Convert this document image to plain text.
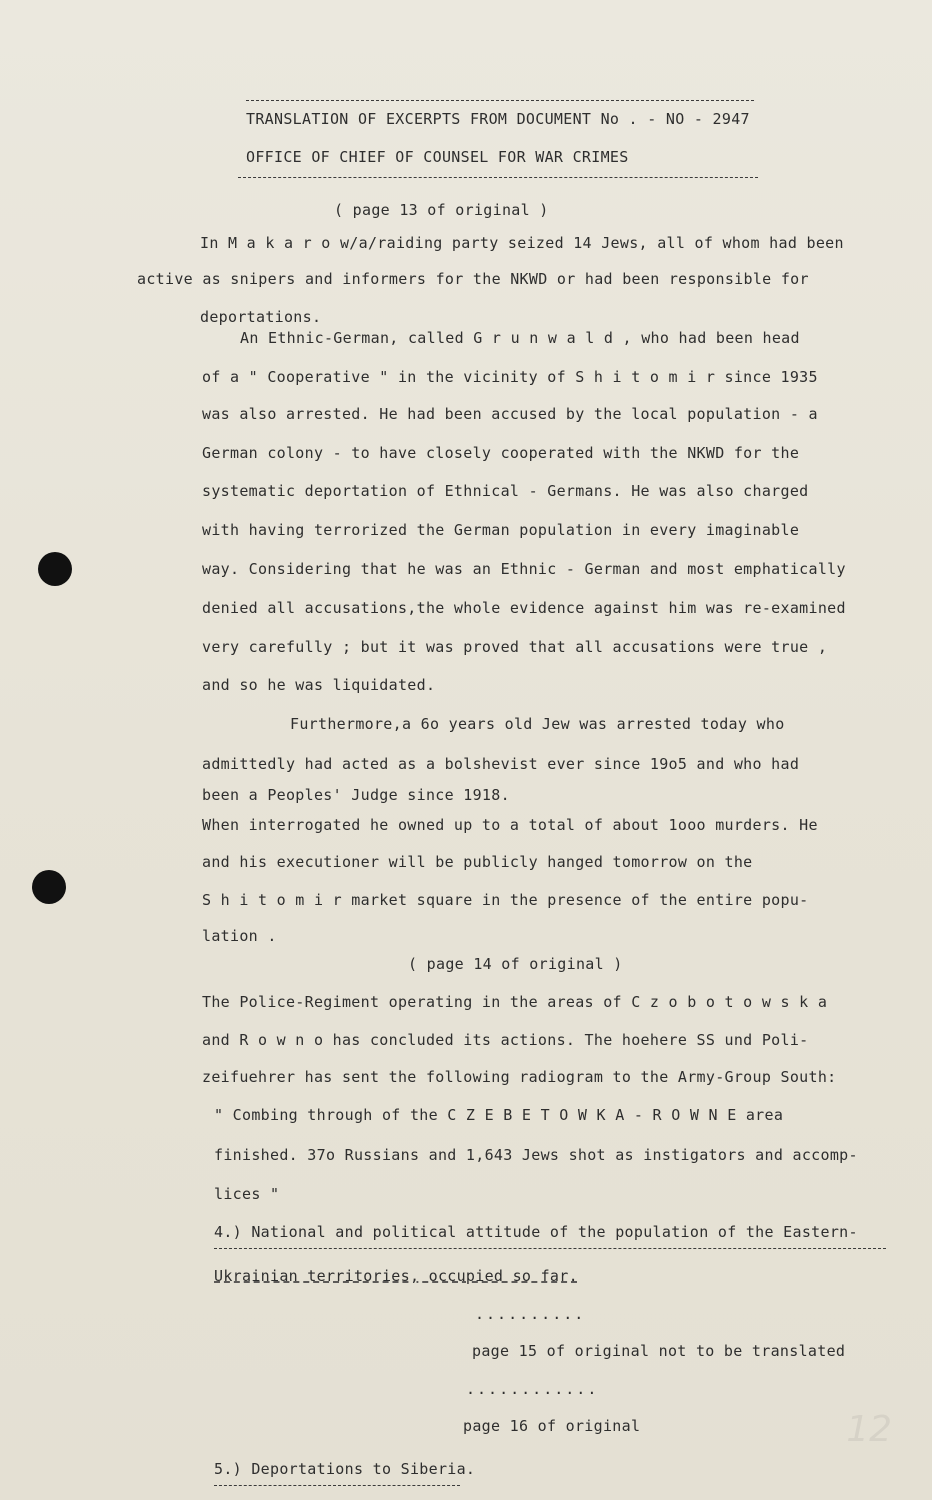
TRANSLATION OF EXCERPTS FROM DOCUMENT No . - NO - 2947
OFFICE OF CHIEF OF COUNSEL FOR WAR CRIMES
( page 13 of original )
In M a k a r o w/a/raiding party seized 14 Jews, all of whom had been
active as snipers and informers for the NKWD or had been responsible for
deportations.
An Ethnic-German, called G r u n w a l d , who had been head
of a " Cooperative " in the vicinity of S h i t o m i r since 1935
was also arrested. He had been accused by the local population - a
German colony - to have closely cooperated with the NKWD for the
systematic deportation of Ethnical - Germans. He was also charged
with having terrorized the German population in every imaginable
way. Considering that he was an Ethnic - German and most emphatically
denied all accusations,the whole evidence against him was re-examined
very carefully ; but it was proved that all accusations were true ,
and so he was liquidated.
Furthermore,a 6o years old Jew was arrested today who
admittedly had acted as a bolshevist ever since 19o5 and who had
been a Peoples' Judge since 1918.
When interrogated he owned up to a total of about 1ooo murders. He
and his executioner will be publicly hanged tomorrow on the
S h i t o m i r market square in the presence of the entire popu-
lation .
( page 14 of original )
The Police-Regiment operating in the areas of C z o b o t o w s k a
and R o w n o has concluded its actions. The hoehere SS und Poli-
zeifuehrer has sent the following radiogram to the Army-Group South:
" Combing through of the C Z E B E T O W K A - R O W N E area
finished. 37o Russians and 1,643 Jews shot as instigators and accomp-
lices "
4.) National and political attitude of the population of the Eastern-
Ukrainian territories, occupied so far.
..........
page 15 of original not to be translated
............
page 16 of original
5.) Deportations to Siberia.
12
